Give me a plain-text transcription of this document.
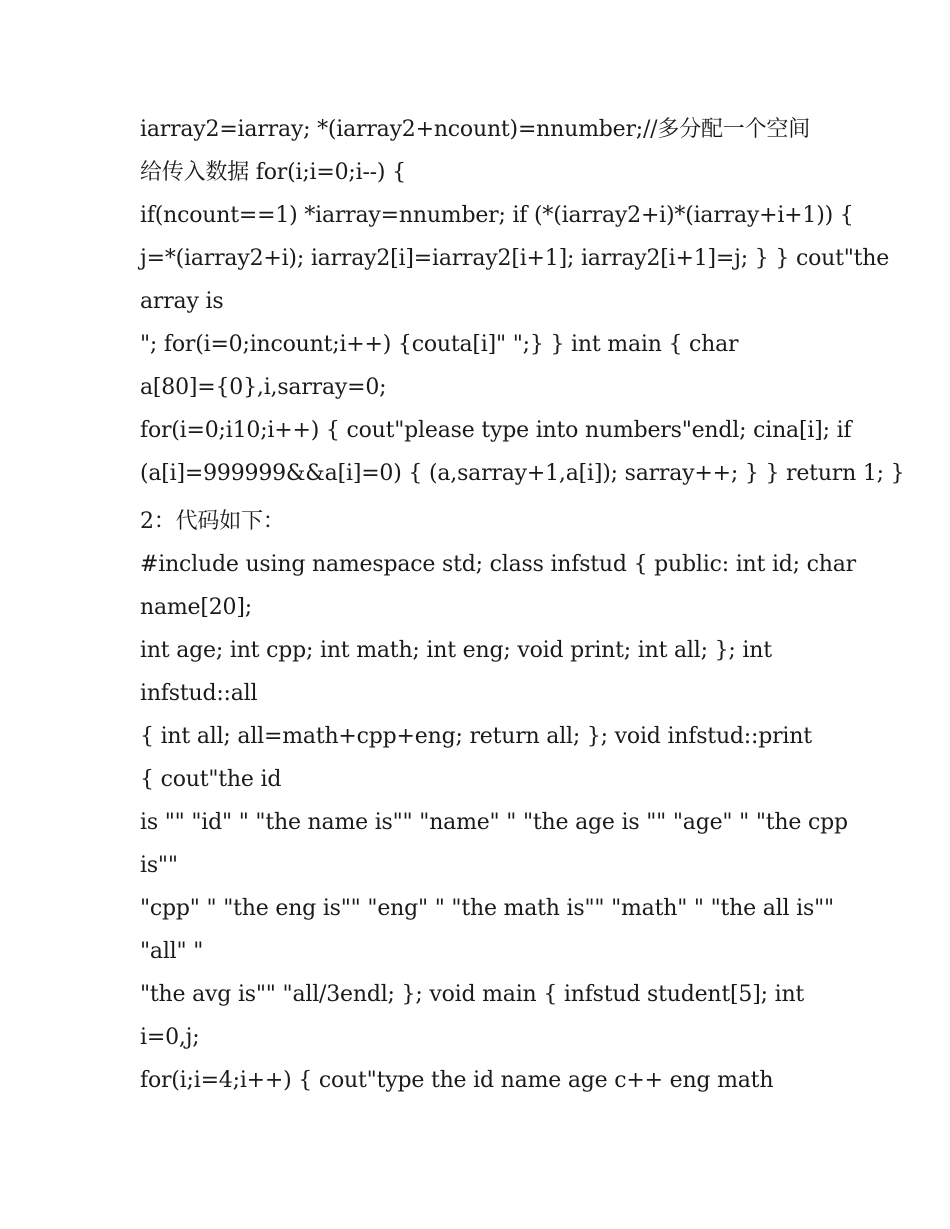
iarray2=iarray; *(iarray2+ncount)=nnumber;//多分配一个空间
给传入数据 for(i;i=0;i--) {
if(ncount==1) *iarray=nnumber; if (*(iarray2+i)*(iarray+i+1)) {
j=*(iarray2+i); iarray2[i]=iarray2[i+1]; iarray2[i+1]=j; } } cout"the
array is
"; for(i=0;incount;i++) {couta[i]" ";} } int main { char
a[80]={0},i,sarray=0;
for(i=0;i10;i++) { cout"please type into numbers"endl; cina[i]; if
(a[i]=999999&&a[i]=0) { (a,sarray+1,a[i]); sarray++; } } return 1; }
2：代码如下：
#include using namespace std; class infstud { public: int id; char
name[20];
int age; int cpp; int math; int eng; void print; int all; }; int
infstud::all
{ int all; all=math+cpp+eng; return all; }; void infstud::print
{ cout"the id
is "" "id" " "the name is"" "name" " "the age is "" "age" " "the cpp
is""
"cpp" " "the eng is"" "eng" " "the math is"" "math" " "the all is""
"all" "
"the avg is"" "all/3endl; }; void main { infstud student[5]; int
i=0,j;
for(i;i=4;i++) { cout"type the id name age c++ eng math
